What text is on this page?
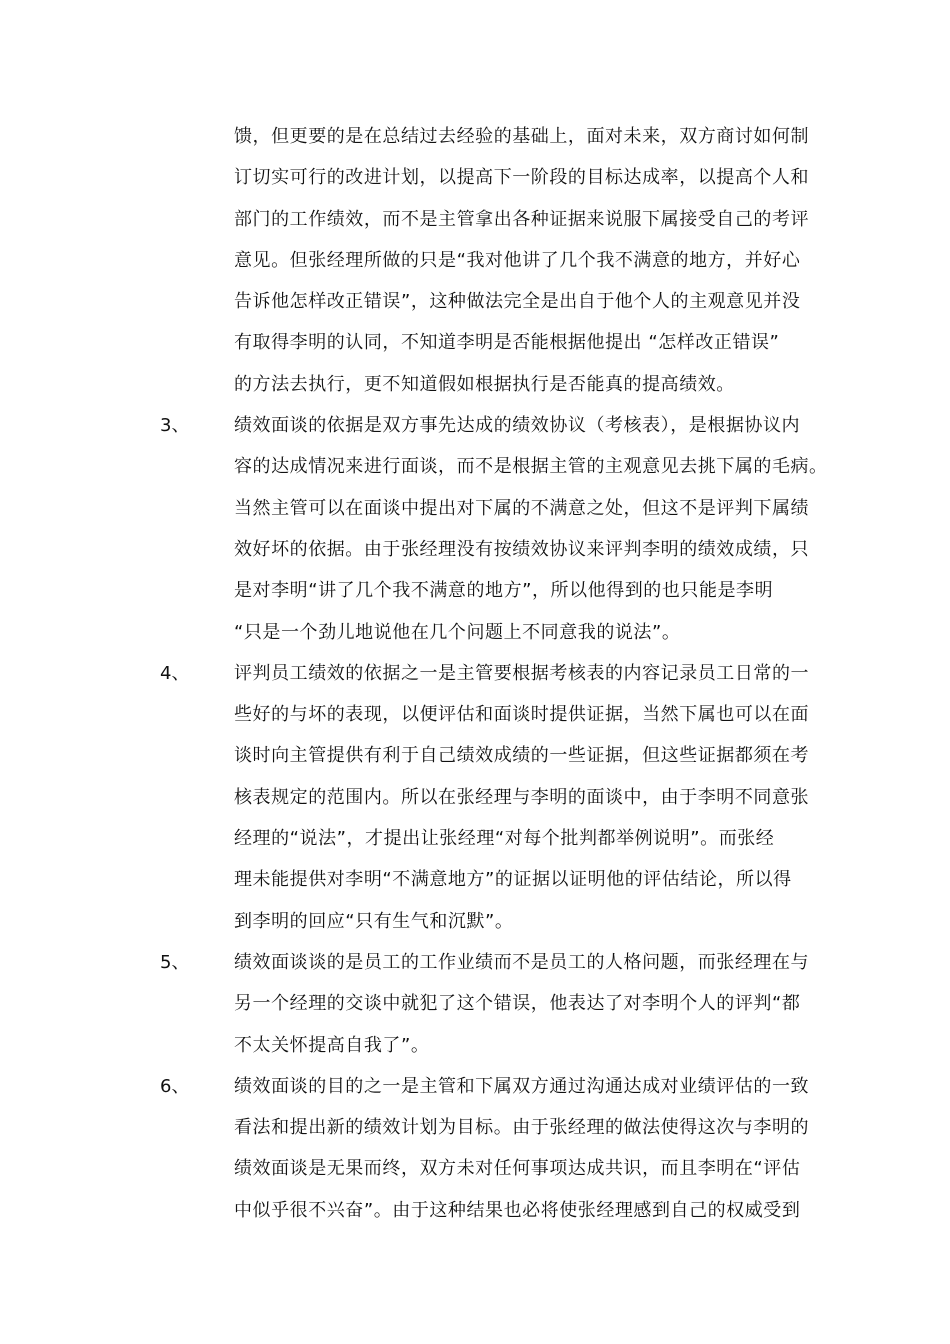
馈，但更要的是在总结过去经验的基础上，面对未来，双方商讨如何制
订切实可行的改进计划，以提高下一阶段的目标达成率，以提高个人和
部门的工作绩效，而不是主管拿出各种证据来说服下属接受自己的考评
意见。但张经理所做的只是“我对他讲了几个我不满意的地方，并好心
告诉他怎样改正错误”，这种做法完全是出自于他个人的主观意见并没
有取得李明的认同，不知道李明是否能根据他提出 “怎样改正错误”
的方法去执行，更不知道假如根据执行是否能真的提高绩效。
3、 绩效面谈的依据是双方事先达成的绩效协议（考核表），是根据协议内
容的达成情况来进行面谈，而不是根据主管的主观意见去挑下属的毛病。
当然主管可以在面谈中提出对下属的不满意之处，但这不是评判下属绩
效好坏的依据。由于张经理没有按绩效协议来评判李明的绩效成绩，只
是对李明“讲了几个我不满意的地方”，所以他得到的也只能是李明
“只是一个劲儿地说他在几个问题上不同意我的说法”。
4、 评判员工绩效的依据之一是主管要根据考核表的内容记录员工日常的一
些好的与坏的表现，以便评估和面谈时提供证据，当然下属也可以在面
谈时向主管提供有利于自己绩效成绩的一些证据，但这些证据都须在考
核表规定的范围内。所以在张经理与李明的面谈中，由于李明不同意张
经理的“说法”，才提出让张经理“对每个批判都举例说明”。而张经
理未能提供对李明“不满意地方”的证据以证明他的评估结论，所以得
到李明的回应“只有生气和沉默”。
5、 绩效面谈谈的是员工的工作业绩而不是员工的人格问题，而张经理在与
另一个经理的交谈中就犯了这个错误，他表达了对李明个人的评判“都
不太关怀提高自我了”。
6、 绩效面谈的目的之一是主管和下属双方通过沟通达成对业绩评估的一致
看法和提出新的绩效计划为目标。由于张经理的做法使得这次与李明的
绩效面谈是无果而终，双方未对任何事项达成共识，而且李明在“评估
中似乎很不兴奋”。由于这种结果也必将使张经理感到自己的权威受到
